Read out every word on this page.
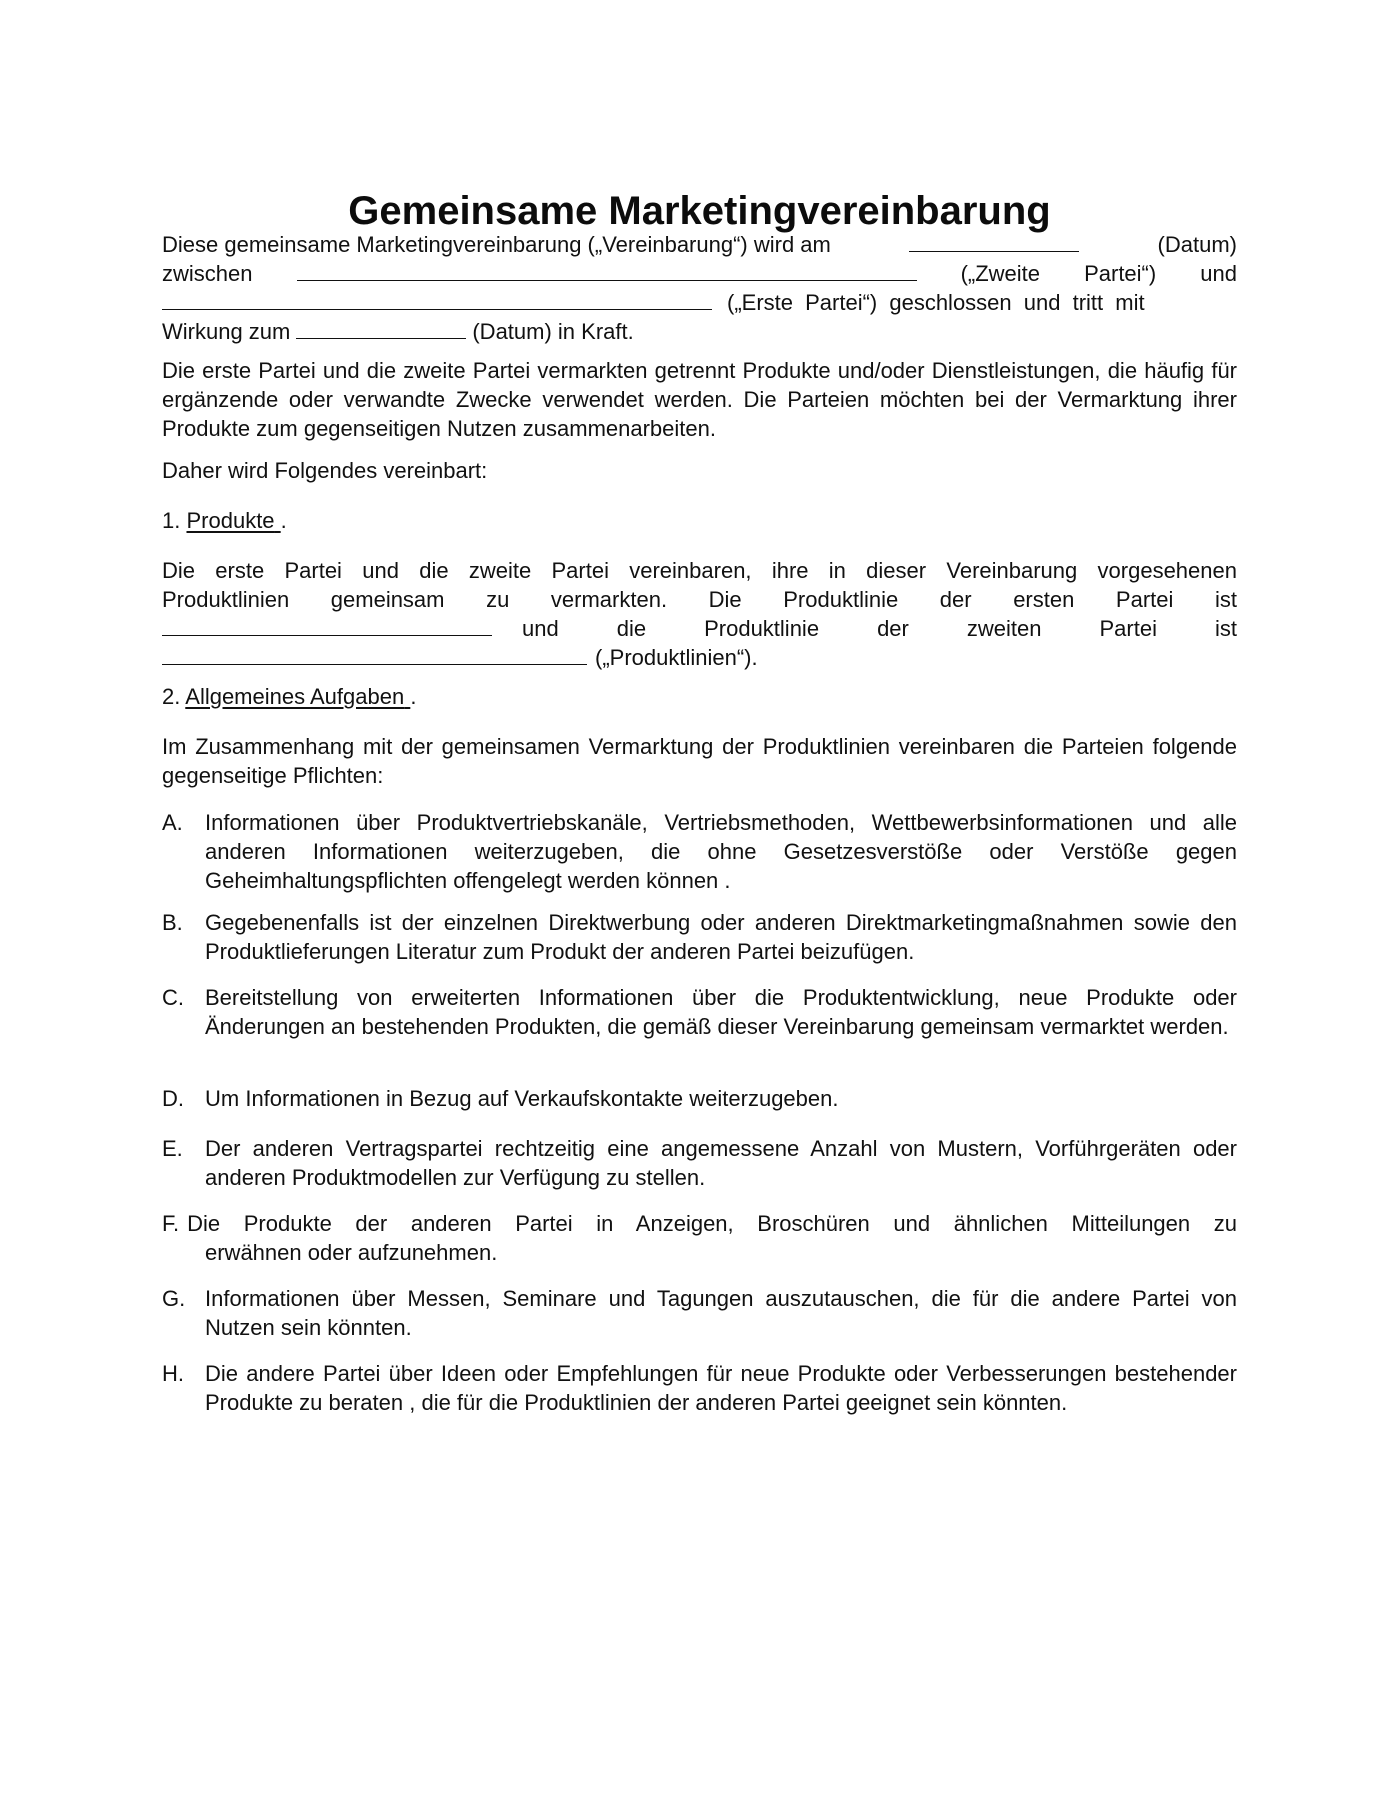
Gemeinsame Marketingvereinbarung
Diese gemeinsame Marketingvereinbarung („Vereinbarung“) wird am	(Datum)
zwischen	(„Zweite Partei“) und
(„Erste Partei“) geschlossen und tritt mit
Wirkung zum	(Datum) in Kraft.

Die erste Partei und die zweite Partei vermarkten getrennt Produkte und/oder Dienstleistungen, die häufig für ergänzende oder verwandte Zwecke verwendet werden. Die Parteien möchten bei der Vermarktung ihrer Produkte zum gegenseitigen Nutzen zusammenarbeiten.

Daher wird Folgendes vereinbart:

1. Produkte .

Die erste Partei und die zweite Partei vereinbaren, ihre in dieser Vereinbarung vorgesehenen
Produktlinien gemeinsam zu vermarkten. Die Produktlinie der ersten Partei ist
und die Produktlinie der zweiten Partei ist
(„Produktlinien“).

2. Allgemeines Aufgaben .

Im Zusammenhang mit der gemeinsamen Vermarktung der Produktlinien vereinbaren die Parteien folgende gegenseitige Pflichten:

A. Informationen über Produktvertriebskanäle, Vertriebsmethoden, Wettbewerbsinformationen und alle anderen Informationen weiterzugeben, die ohne Gesetzesverstöße oder Verstöße gegen Geheimhaltungspflichten offengelegt werden können .

B. Gegebenenfalls ist der einzelnen Direktwerbung oder anderen Direktmarketingmaßnahmen sowie den Produktlieferungen Literatur zum Produkt der anderen Partei beizufügen.

C. Bereitstellung von erweiterten Informationen über die Produktentwicklung, neue Produkte oder Änderungen an bestehenden Produkten, die gemäß dieser Vereinbarung gemeinsam vermarktet werden.

D. Um Informationen in Bezug auf Verkaufskontakte weiterzugeben.

E. Der anderen Vertragspartei rechtzeitig eine angemessene Anzahl von Mustern, Vorführgeräten oder anderen Produktmodellen zur Verfügung zu stellen.

F. Die Produkte der anderen Partei in Anzeigen, Broschüren und ähnlichen Mitteilungen zu

erwähnen oder aufzunehmen.

G. Informationen über Messen, Seminare und Tagungen auszutauschen, die für die andere Partei von Nutzen sein könnten.

H. Die andere Partei über Ideen oder Empfehlungen für neue Produkte oder Verbesserungen bestehender Produkte zu beraten , die für die Produktlinien der anderen Partei geeignet sein könnten.
